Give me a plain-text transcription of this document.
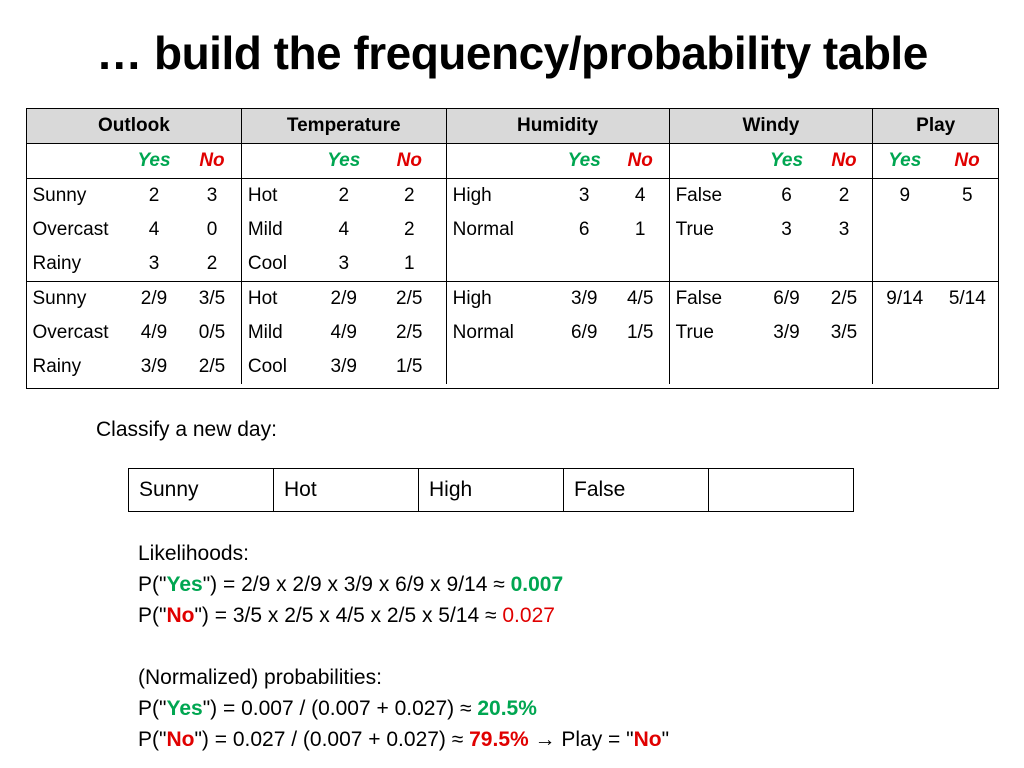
… build the frequency/probability table
Outlook			Temperature			Humidity			Windy			Play	
	Yes	No		Yes	No		Yes	No		Yes	No	Yes	No
Sunny	2	3	Hot	2	2	High	3	4	False	6	2	9	5
Overcast	4	0	Mild	4	2	Normal	6	1	True	3	3		
Rainy	3	2	Cool	3	1								
Sunny	2/9	3/5	Hot	2/9	2/5	High	3/9	4/5	False	6/9	2/5	9/14	5/14
Overcast	4/9	0/5	Mild	4/9	2/5	Normal	6/9	1/5	True	3/9	3/5		
Rainy	3/9	2/5	Cool	3/9	1/5								
Classify a new day:
Sunny	Hot	High	False	
Likelihoods:
P("Yes") = 2/9 x 2/9 x 3/9 x 6/9 x 9/14 ≈ 0.007
P("No") = 3/5 x 2/5 x 4/5 x 2/5 x 5/14 ≈ 0.027
(Normalized) probabilities:
P("Yes") = 0.007 / (0.007 + 0.027) ≈ 20.5%
P("No") = 0.027 / (0.007 + 0.027) ≈ 79.5% → Play = "No"
